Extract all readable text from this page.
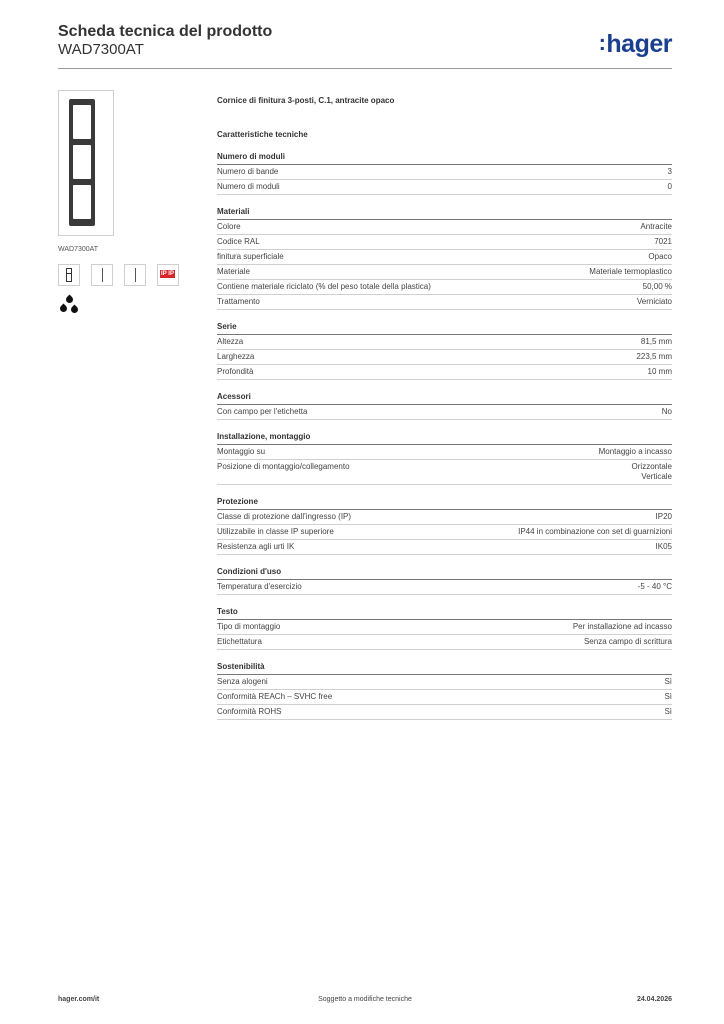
Scheda tecnica del prodotto
WAD7300AT	:hager
WAD7300AT
IP IP
Cornice di finitura 3-posti, C.1, antracite opaco
Caratteristiche tecniche
Numero di moduli
Numero di bande	3
Numero di moduli	0
Materiali
Colore	Antracite
Codice RAL	7021
finitura superficiale	Opaco
Materiale	Materiale termoplastico
Contiene materiale riciclato (% del peso totale della plastica)	50,00 %
Trattamento	Verniciato
Serie
Altezza	81,5 mm
Larghezza	223,5 mm
Profondità	10 mm
Acessori
Con campo per l'etichetta	No
Installazione, montaggio
Montaggio su	Montaggio a incasso
Posizione di montaggio/collegamento	Orizzontale
Verticale
Protezione
Classe di protezione dall'ingresso (IP)	IP20
Utilizzabile in classe IP superiore	IP44 in combinazione con set di guarnizioni
Resistenza agli urti IK	IK05
Condizioni d'uso
Temperatura d'esercizio	-5 - 40 °C
Testo
Tipo di montaggio	Per installazione ad incasso
Etichettatura	Senza campo di scrittura
Sostenibilità
Senza alogeni	Sì
Conformità REACh – SVHC free	Sì
Conformità ROHS	Sì
hager.com/it	Soggetto a modifiche tecniche	24.04.2026
